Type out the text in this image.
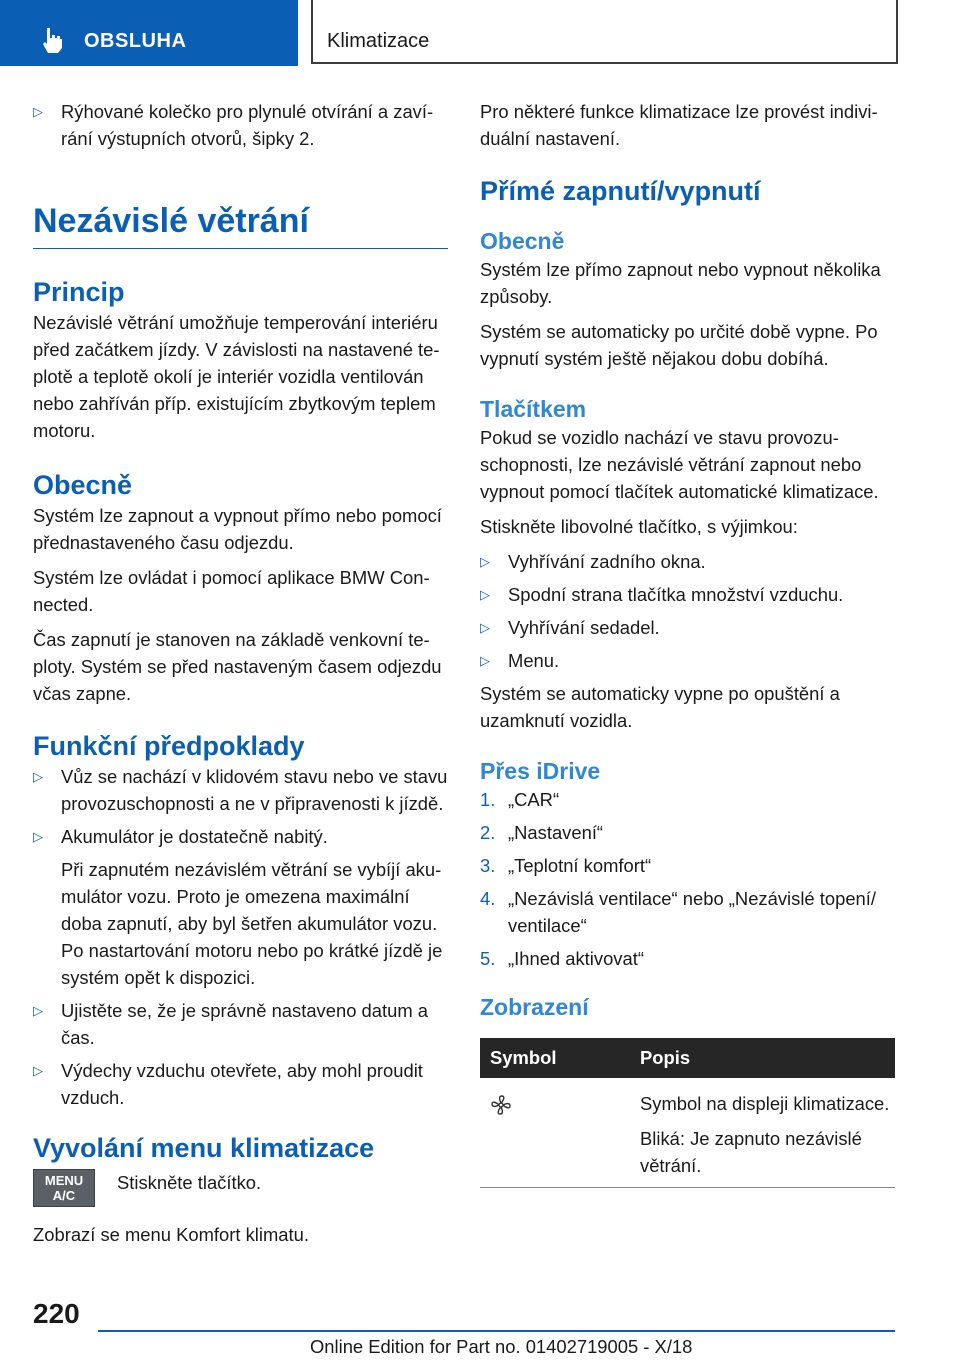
OBSLUHA	Klimatizace
▷ Rýhované kolečko pro plynulé otvírání a zavírání výstupních otvorů, šipky 2.

Nezávislé větrání
Princip

Nezávislé větrání umožňuje temperování interiéru před začátkem jízdy. V závislosti na nastavené teplotě a teplotě okolí je interiér vozidla ventilován nebo zahříván příp. existujícím zbytkovým teplem motoru.

Obecně

Systém lze zapnout a vypnout přímo nebo pomocí přednastaveného času odjezdu.

Systém lze ovládat i pomocí aplikace BMW Connected.

Čas zapnutí je stanoven na základě venkovní teploty. Systém se před nastaveným časem odjezdu včas zapne.

Funkční předpoklady
▷ Vůz se nachází v klidovém stavu nebo ve stavu provozuschopnosti a ne v připravenosti k jízdě.

▷ Akumulátor je dostatečně nabitý.

Při zapnutém nezávislém větrání se vybíjí akumulátor vozu. Proto je omezena maximální doba zapnutí, aby byl šetřen akumulátor vozu. Po nastartování motoru nebo po krátké jízdě je systém opět k dispozici.

▷ Ujistěte se, že je správně nastaveno datum a čas.

▷ Výdechy vzduchu otevřete, aby mohl proudit vzduch.

Vyvolání menu klimatizace
MENU
A/C

Stiskněte tlačítko.

Zobrazí se menu Komfort klimatu.

Pro některé funkce klimatizace lze provést individuální nastavení.

Přímé zapnutí/vypnutí
Obecně

Systém lze přímo zapnout nebo vypnout několika způsoby.

Systém se automaticky po určité době vypne. Po vypnutí systém ještě nějakou dobu dobíhá.

Tlačítkem

Pokud se vozidlo nachází ve stavu provozuschopnosti, lze nezávislé větrání zapnout nebo vypnout pomocí tlačítek automatické klimatizace.

Stiskněte libovolné tlačítko, s výjimkou:

▷ Vyhřívání zadního okna.

▷ Spodní strana tlačítka množství vzduchu.

▷ Vyhřívání sedadel.

▷ Menu.

Systém se automaticky vypne po opuštění a uzamknutí vozidla.

Přes iDrive
1. „CAR“

2. „Nastavení“

3. „Teplotní komfort“

4. „Nezávislá ventilace“ nebo „Nezávislé topení/ ventilace“

5. „Ihned aktivovat“

Zobrazení
Symbol	Popis

Symbol na displeji klimatizace.

Bliká: Je zapnuto nezávislé větrání.

220
Online Edition for Part no. 01402719005 - X/18
